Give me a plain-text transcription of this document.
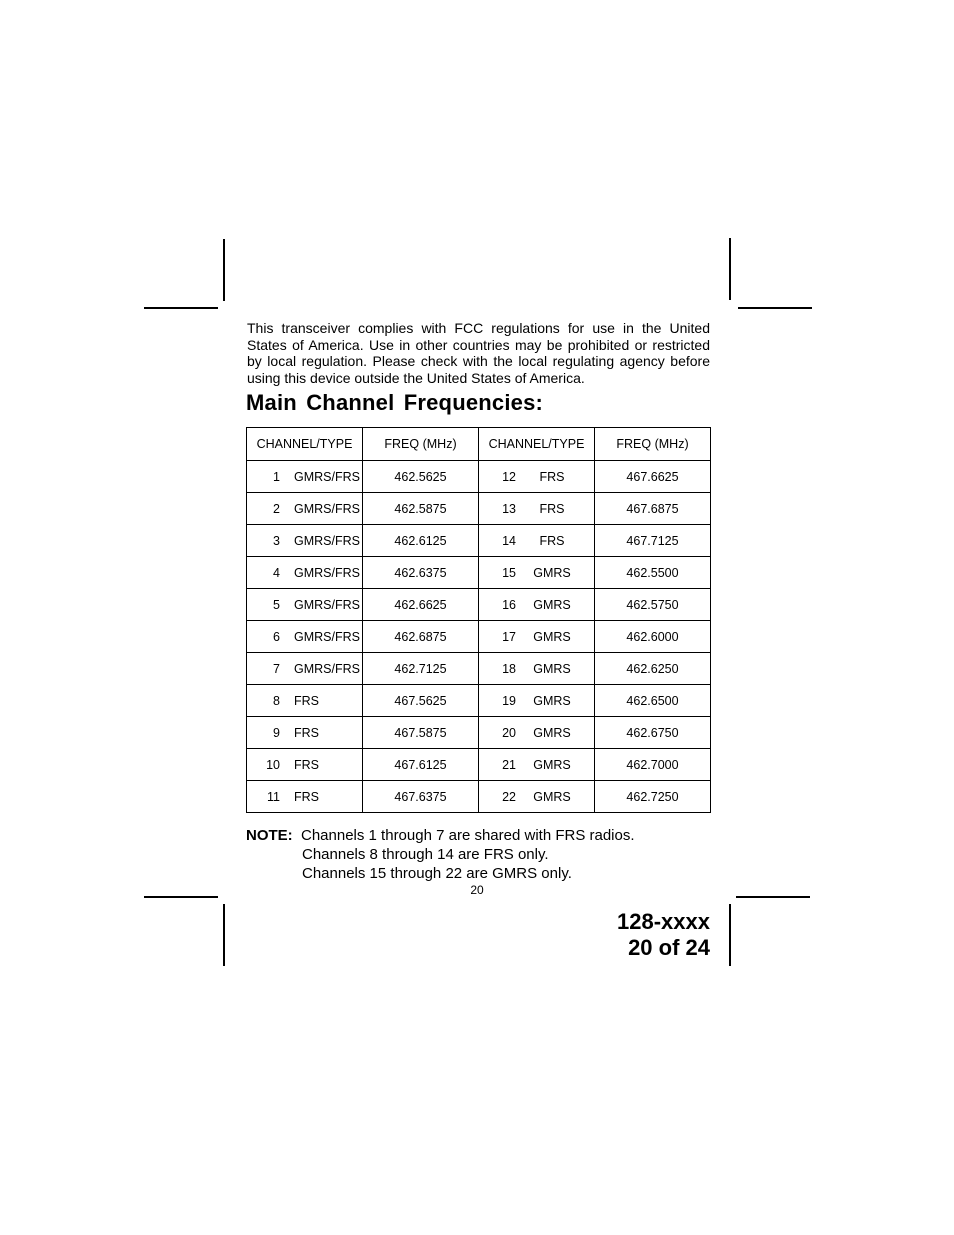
This transceiver complies with FCC regulations for use in the United States of America. Use in other countries may be prohibited or restricted by local regulation. Please check with the local regulating agency before using this device outside the United States of America.

Main Channel Frequencies:
CHANNEL/TYPE	FREQ (MHz)	CHANNEL/TYPE	FREQ (MHz)

1 GMRS/FRS	462.5625	12 FRS	467.6625

2 GMRS/FRS	462.5875	13 FRS	467.6875

3 GMRS/FRS	462.6125	14 FRS	467.7125

4 GMRS/FRS	462.6375	15 GMRS	462.5500

5 GMRS/FRS	462.6625	16 GMRS	462.5750

6 GMRS/FRS	462.6875	17 GMRS	462.6000

7 GMRS/FRS	462.7125	18 GMRS	462.6250

8 FRS	467.5625	19 GMRS	462.6500

9 FRS	467.5875	20 GMRS	462.6750

10 FRS	467.6125	21 GMRS	462.7000

11 FRS	467.6375	22 GMRS	462.7250
NOTE: Channels 1 through 7 are shared with FRS radios.
Channels 8 through 14 are FRS only.
Channels 15 through 22 are GMRS only.
20
128-xxxx
20 of 24
